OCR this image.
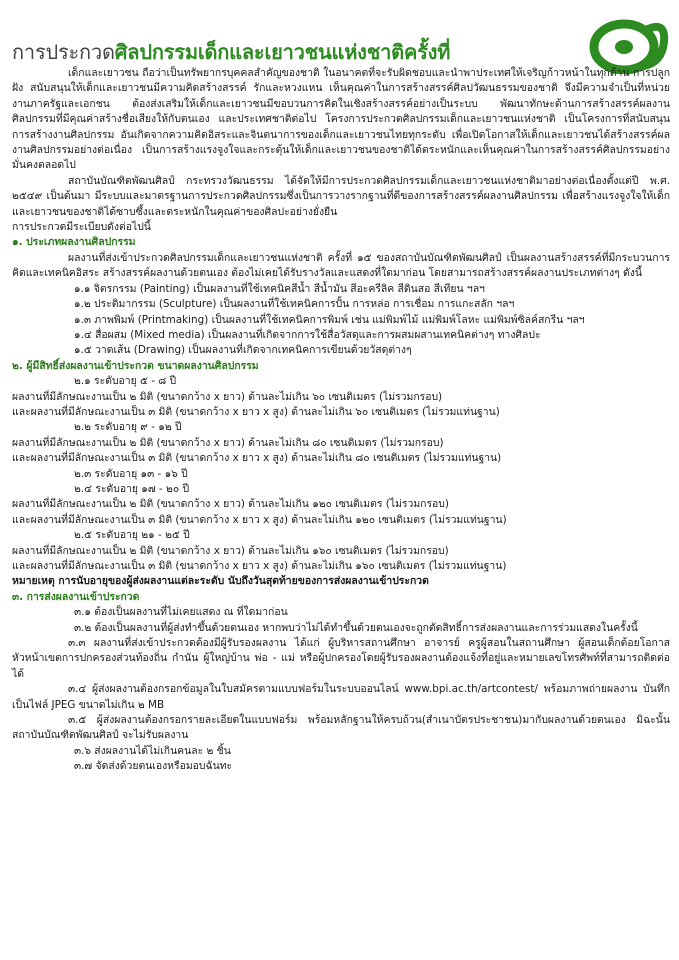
การประกวดศิลปกรรมเด็กและเยาวชนแห่งชาติครั้งที่

เด็กและเยาวชน ถือว่าเป็นทรัพยากรบุคคลสำคัญของชาติ ในอนาคตที่จะรับผิดชอบและนำพาประเทศให้เจริญก้าวหน้าในทุกด้าน การปลูกฝัง สนับสนุนให้เด็กและเยาวชนมีความคิดสร้างสรรค์ รักและหวงแหน เห็นคุณค่าในการสร้างสรรค์ศิลปวัฒนธรรมของชาติ จึงมีความจำเป็นที่หน่วยงานภาครัฐและเอกชน ต้องส่งเสริมให้เด็กและเยาวชนมีขอบวนการคิดในเชิงสร้างสรรค์อย่างเป็นระบบ พัฒนาทักษะด้านการสร้างสรรค์ผลงานศิลปกรรมที่มีคุณค่าสร้างชื่อเสียงให้กับตนเอง และประเทศชาติต่อไป โครงการประกวดศิลปกรรมเด็กและเยาวชนแห่งชาติ เป็นโครงการที่สนับสนุนการสร้างงานศิลปกรรม อันเกิดจากความคิดอิสระและจินตนาการของเด็กและเยาวชนไทยทุกระดับ เพื่อเปิดโอกาสให้เด็กและเยาวชนได้สร้างสรรค์ผลงานศิลปกรรมอย่างต่อเนื่อง เป็นการสร้างแรงจูงใจและกระตุ้นให้เด็กและเยาวชนของชาติได้ตระหนักและเห็นคุณค่าในการสร้างสรรค์ศิลปกรรมอย่างมั่นคงตลอดไป

สถาบันบัณฑิตพัฒนศิลป์ กระทรวงวัฒนธรรม ได้จัดให้มีการประกวดศิลปกรรมเด็กและเยาวชนแห่งชาติมาอย่างต่อเนื่องตั้งแต่ปี พ.ศ. ๒๕๔๙ เป็นต้นมา มีระบบและมาตรฐานการประกวดศิลปกรรมซึ่งเป็นการวางรากฐานที่ดีของการสร้างสรรค์ผลงานศิลปกรรม เพื่อสร้างแรงจูงใจให้เด็กและเยาวชนของชาติได้ซาบซึ้งและตระหนักในคุณค่าของศิลปะอย่างยั่งยืน

การประกวดมีระเบียบดังต่อไปนี้

๑. ประเภทผลงานศิลปกรรม

ผลงานที่ส่งเข้าประกวดศิลปกรรมเด็กและเยาวชนแห่งชาติ ครั้งที่ ๑๕ ของสถาบันบัณฑิตพัฒนศิลป์ เป็นผลงานสร้างสรรค์ที่มีกระบวนการคิดและเทคนิคอิสระ สร้างสรรค์ผลงานด้วยตนเอง ต้องไม่เคยได้รับรางวัลและแสดงที่ใดมาก่อน โดยสามารถสร้างสรรค์ผลงานประเภทต่างๆ ดังนี้

๑.๑ จิตรกรรม (Painting) เป็นผลงานที่ใช้เทคนิคสีน้ำ สีน้ำมัน สีอะครีลิค สีดินสอ สีเทียน ฯลฯ

๑.๒ ประติมากรรม (Sculpture) เป็นผลงานที่ใช้เทคนิคการปั้น การหล่อ การเชื่อม การแกะสลัก ฯลฯ

๑.๓ ภาพพิมพ์ (Printmaking) เป็นผลงานที่ใช้เทคนิคการพิมพ์ เช่น แม่พิมพ์ไม้ แม่พิมพ์โลหะ แม่พิมพ์ซิลค์สกรีน ฯลฯ

๑.๔ สื่อผสม (Mixed media) เป็นผลงานที่เกิดจากการใช้สื่อวัสดุและการผสมผสานเทคนิคต่างๆ ทางศิลปะ

๑.๕ วาดเส้น (Drawing) เป็นผลงานที่เกิดจากเทคนิคการเขียนด้วยวัสดุต่างๆ

๒. ผู้มีสิทธิ์ส่งผลงานเข้าประกวด ขนาดผลงานศิลปกรรม

๒.๑ ระดับอายุ ๕ - ๘ ปี

ผลงานที่มีลักษณะงานเป็น ๒ มิติ (ขนาดกว้าง x ยาว) ด้านละไม่เกิน ๖๐ เซนติเมตร (ไม่รวมกรอบ)

และผลงานที่มีลักษณะงานเป็น ๓ มิติ (ขนาดกว้าง x ยาว x สูง) ด้านละไม่เกิน ๖๐ เซนติเมตร (ไม่รวมแท่นฐาน)

๒.๒ ระดับอายุ ๙ - ๑๒ ปี

ผลงานที่มีลักษณะงานเป็น ๒ มิติ (ขนาดกว้าง x ยาว) ด้านละไม่เกิน ๘๐ เซนติเมตร (ไม่รวมกรอบ)

และผลงานที่มีลักษณะงานเป็น ๓ มิติ (ขนาดกว้าง x ยาว x สูง) ด้านละไม่เกิน ๘๐ เซนติเมตร (ไม่รวมแท่นฐาน)

๒.๓ ระดับอายุ ๑๓ - ๑๖ ปี

๒.๔ ระดับอายุ ๑๗ - ๒๐ ปี

ผลงานที่มีลักษณะงานเป็น ๒ มิติ (ขนาดกว้าง x ยาว) ด้านละไม่เกิน ๑๒๐ เซนติเมตร (ไม่รวมกรอบ)

และผลงานที่มีลักษณะงานเป็น ๓ มิติ (ขนาดกว้าง x ยาว x สูง) ด้านละไม่เกิน ๑๒๐ เซนติเมตร (ไม่รวมแท่นฐาน)

๒.๕ ระดับอายุ ๒๑ - ๒๕ ปี

ผลงานที่มีลักษณะงานเป็น ๒ มิติ (ขนาดกว้าง x ยาว) ด้านละไม่เกิน ๑๖๐ เซนติเมตร (ไม่รวมกรอบ)

และผลงานที่มีลักษณะงานเป็น ๓ มิติ (ขนาดกว้าง x ยาว x สูง) ด้านละไม่เกิน ๑๖๐ เซนติเมตร (ไม่รวมแท่นฐาน)

หมายเหตุ การนับอายุของผู้ส่งผลงานแต่ละระดับ นับถึงวันสุดท้ายของการส่งผลงานเข้าประกวด

๓. การส่งผลงานเข้าประกวด

๓.๑ ต้องเป็นผลงานที่ไม่เคยแสดง ณ ที่ใดมาก่อน

๓.๒ ต้องเป็นผลงานที่ผู้ส่งทำขึ้นด้วยตนเอง หากพบว่าไม่ได้ทำขึ้นด้วยตนเองจะถูกตัดสิทธิ์การส่งผลงานและการร่วมแสดงในครั้งนี้

๓.๓ ผลงานที่ส่งเข้าประกวดต้องมีผู้รับรองผลงาน ได้แก่ ผู้บริหารสถานศึกษา อาจารย์ ครูผู้สอนในสถานศึกษา ผู้สอนเด็กด้อยโอกาส หัวหน้าเขตการปกครองส่วนท้องถิ่น กำนัน ผู้ใหญ่บ้าน พ่อ - แม่ หรือผู้ปกครองโดยผู้รับรองผลงานต้องแจ้งที่อยู่และหมายเลขโทรศัพท์ที่สามารถติดต่อได้

๓.๔ ผู้ส่งผลงานต้องกรอกข้อมูลในใบสมัครตามแบบฟอร์มในระบบออนไลน์ www.bpi.ac.th/artcontest/ พร้อมภาพถ่ายผลงาน บันทึกเป็นไฟล์ JPEG ขนาดไม่เกิน ๒ MB

๓.๕ ผู้ส่งผลงานต้องกรอกรายละเอียดในแบบฟอร์ม พร้อมหลักฐานให้ครบถ้วน(สำเนาบัตรประชาชน)มากับผลงานด้วยตนเอง มิฉะนั้น สถาบันบัณฑิตพัฒนศิลป์ จะไม่รับผลงาน

๓.๖ ส่งผลงานได้ไม่เกินคนละ ๒ ชิ้น

๓.๗ จัดส่งด้วยตนเองหรือมอบฉันทะ
